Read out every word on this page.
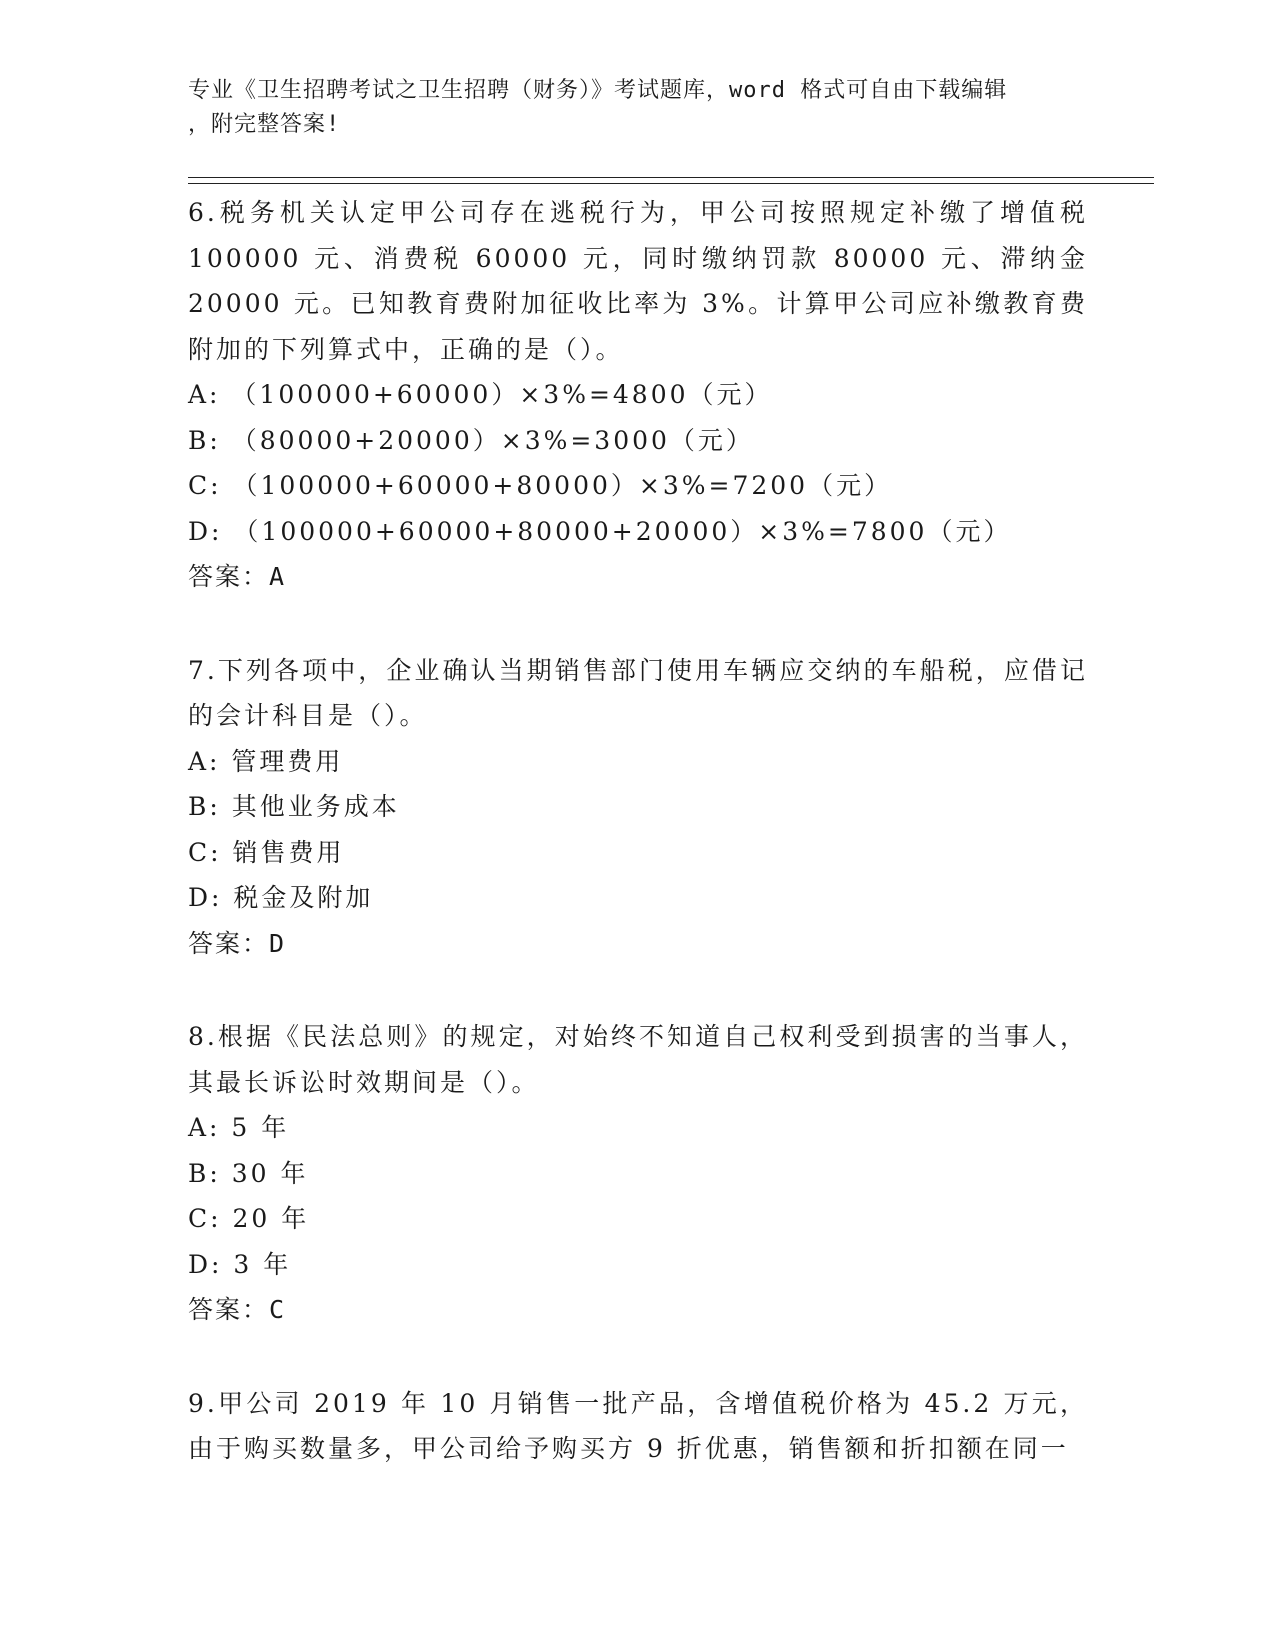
专业《卫生招聘考试之卫生招聘（财务）》考试题库，word 格式可自由下载编辑
，附完整答案!

6.税务机关认定甲公司存在逃税行为，甲公司按照规定补缴了增值税 100000 元、消费税 60000 元，同时缴纳罚款 80000 元、滞纳金 20000 元。已知教育费附加征收比率为 3%。计算甲公司应补缴教育费附加的下列算式中，正确的是（）。

A: （100000+60000）×3%=4800（元）

B: （80000+20000）×3%=3000（元）

C: （100000+60000+80000）×3%=7200（元）

D: （100000+60000+80000+20000）×3%=7800（元）

答案：A

7.下列各项中，企业确认当期销售部门使用车辆应交纳的车船税，应借记的会计科目是（）。

A: 管理费用

B: 其他业务成本

C: 销售费用

D: 税金及附加

答案：D

8.根据《民法总则》的规定，对始终不知道自己权利受到损害的当事人，其最长诉讼时效期间是（）。

A: 5 年

B: 30 年

C: 20 年

D: 3 年

答案：C

9.甲公司 2019 年 10 月销售一批产品，含增值税价格为 45.2 万元，由于购买数量多，甲公司给予购买方 9 折优惠，销售额和折扣额在同一
